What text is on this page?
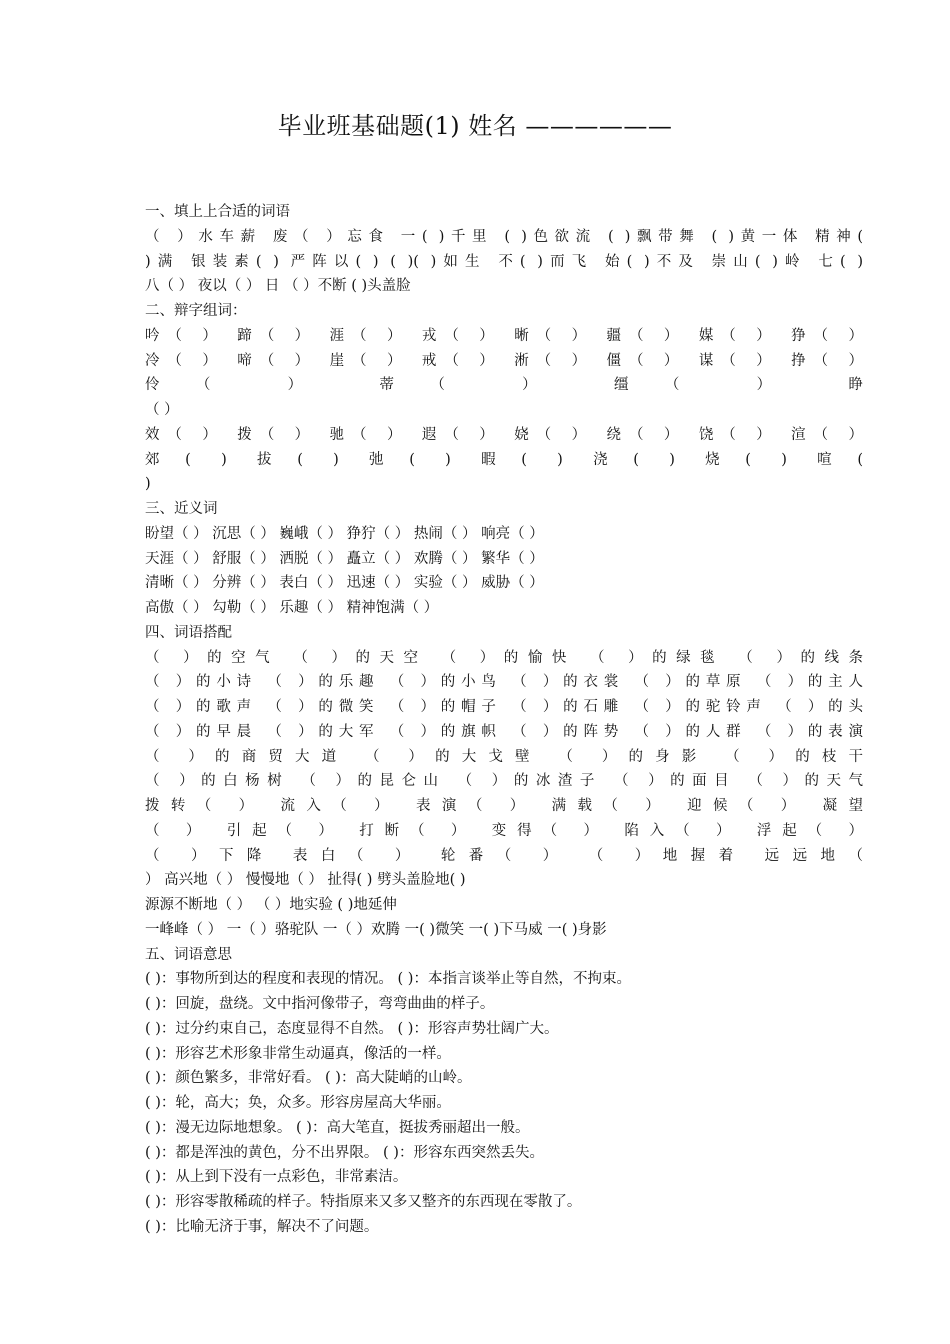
毕业班基础题(1) 姓名 ——————
一、填上上合适的词语
（ ）水车薪 废（ ）忘食 一( )千里 ( )色欲流 ( )飘带舞 ( )黄一体 精神(
)满 银装素( ) 严阵以( ) ( )( )如生 不( )而飞 始( )不及 崇山( )岭 七( )
八（ ） 夜以（ ） 日 （ ）不断 ( )头盖脸
二、辩字组词：
吟（ ） 蹄（ ） 涯（ ） 戎（ ） 晰（ ） 疆（ ） 媒（ ） 狰（ ）
冷（ ） 啼（ ） 崖（ ） 戒（ ） 淅（ ） 僵（ ） 谋（ ） 挣（ ）
伶（ ） 蒂（ ） 缰（ ） 睁
（ ）
效（ ） 拨（ ） 驰（ ） 遐（ ） 娆（ ） 绕（ ） 饶（ ） 渲（ ）
郊( ) 拔( ) 弛( ) 暇( ) 浇( ) 烧( ) 喧(
)
三、近义词
盼望（ ） 沉思（ ） 巍峨（ ） 狰狞（ ） 热闹（ ） 响亮（ ）
天涯（ ） 舒服（ ） 洒脱（ ） 矗立（ ） 欢腾（ ） 繁华（ ）
清晰（ ） 分辨（ ） 表白（ ） 迅速（ ） 实验（ ） 威胁（ ）
高傲（ ） 勾勒（ ） 乐趣（ ） 精神饱满（ ）
四、词语搭配
（ ）的空气 （ ）的天空 （ ）的愉快 （ ）的绿毯 （ ）的线条
（ ）的小诗 （ ）的乐趣 （ ）的小鸟 （ ）的衣裳 （ ）的草原 （ ）的主人
（ ）的歌声 （ ）的微笑 （ ）的帽子 （ ）的石雕 （ ）的驼铃声 （ ）的头
（ ）的早晨 （ ）的大军 （ ）的旗帜 （ ）的阵势 （ ）的人群 （ ）的表演
（ ）的商贸大道 （ ）的大戈壁 （ ）的身影 （ ）的枝干
（ ）的白杨树 （ ）的昆仑山 （ ）的冰渣子 （ ）的面目 （ ）的天气
拨转（ ） 流入（ ） 表演（ ） 满载（ ） 迎候（ ） 凝望
（ ） 引起（ ） 打断（ ） 变得（ ） 陷入（ ） 浮起（ ）
（ ）下降 表白（ ） 轮番（ ） （ ）地握着 远远地（
） 高兴地（ ） 慢慢地（ ） 扯得( ) 劈头盖脸地( )
源源不断地（ ） （ ）地实验 ( )地延伸
一峰峰（ ） 一（ ）骆驼队 一（ ）欢腾 一( )微笑 一( )下马威 一( )身影
五、词语意思
( )：事物所到达的程度和表现的情况。 ( )：本指言谈举止等自然，不拘束。
( )：回旋，盘绕。文中指河像带子，弯弯曲曲的样子。
( )：过分约束自己，态度显得不自然。 ( )：形容声势壮阔广大。
( )：形容艺术形象非常生动逼真，像活的一样。
( )：颜色繁多，非常好看。 ( )：高大陡峭的山岭。
( )：轮，高大；奂，众多。形容房屋高大华丽。
( )：漫无边际地想象。 ( )：高大笔直，挺拔秀丽超出一般。
( )：都是浑浊的黄色，分不出界限。 ( )：形容东西突然丢失。
( )：从上到下没有一点彩色，非常素洁。
( )：形容零散稀疏的样子。特指原来又多又整齐的东西现在零散了。
( )：比喻无济于事，解决不了问题。
